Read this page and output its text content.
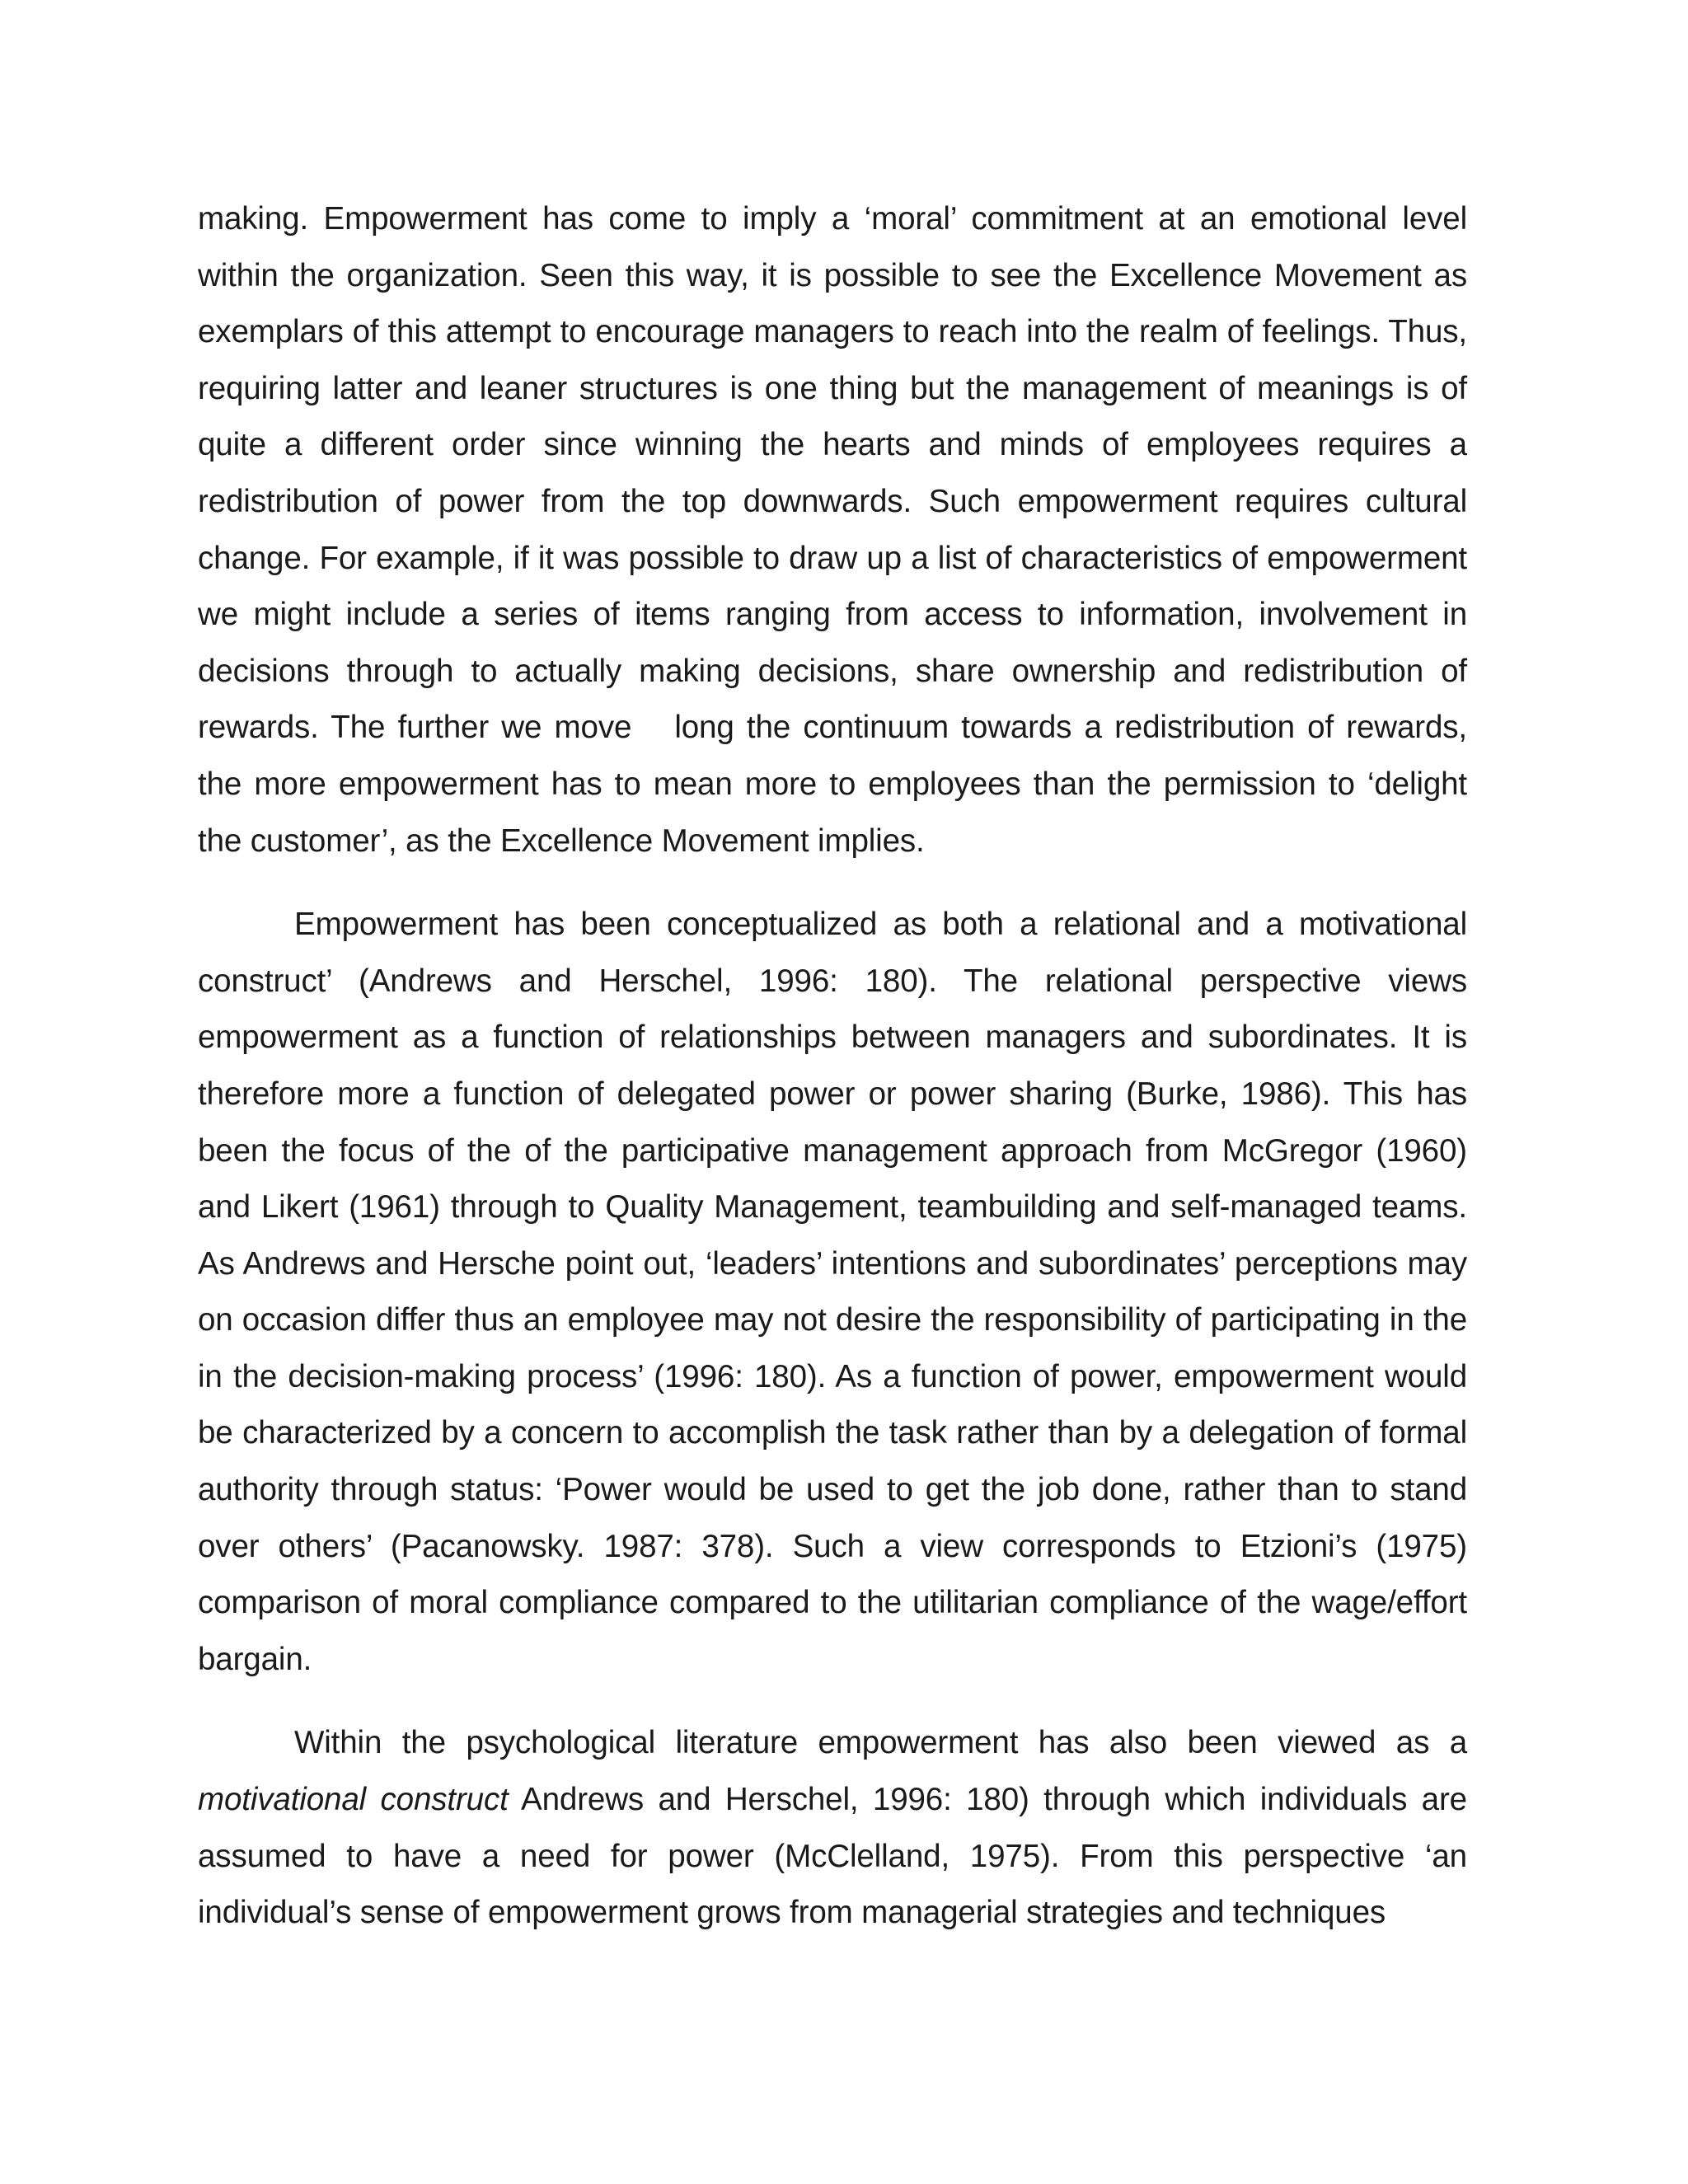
making. Empowerment has come to imply a ‘moral’ commitment at an emotional level within the organization. Seen this way, it is possible to see the Excellence Movement as exemplars of this attempt to encourage managers to reach into the realm of feelings. Thus, requiring latter and leaner structures is one thing but the management of meanings is of quite a different order since winning the hearts and minds of employees requires a redistribution of power from the top downwards. Such empowerment requires cultural change. For example, if it was possible to draw up a list of characteristics of empowerment we might include a series of items ranging from access to information, involvement in decisions through to actually making decisions, share ownership and redistribution of rewards. The further we move long the continuum towards a redistribution of rewards, the more empowerment has to mean more to employees than the permission to ‘delight the customer’, as the Excellence Movement implies.

Empowerment has been conceptualized as both a relational and a motivational construct’ (Andrews and Herschel, 1996: 180). The relational perspective views empowerment as a function of relationships between managers and subordinates. It is therefore more a function of delegated power or power sharing (Burke, 1986). This has been the focus of the of the participative management approach from McGregor (1960) and Likert (1961) through to Quality Management, teambuilding and self-managed teams. As Andrews and Hersche point out, ‘leaders’ intentions and subordinates’ perceptions may on occasion differ thus an employee may not desire the responsibility of participating in the in the decision-making process’ (1996: 180). As a function of power, empowerment would be characterized by a concern to accomplish the task rather than by a delegation of formal authority through status: ‘Power would be used to get the job done, rather than to stand over others’ (Pacanowsky. 1987: 378). Such a view corresponds to Etzioni’s (1975) comparison of moral compliance compared to the utilitarian compliance of the wage/effort bargain.

Within the psychological literature empowerment has also been viewed as a motivational construct Andrews and Herschel, 1996: 180) through which individuals are assumed to have a need for power (McClelland, 1975). From this perspective ‘an individual’s sense of empowerment grows from managerial strategies and techniques
